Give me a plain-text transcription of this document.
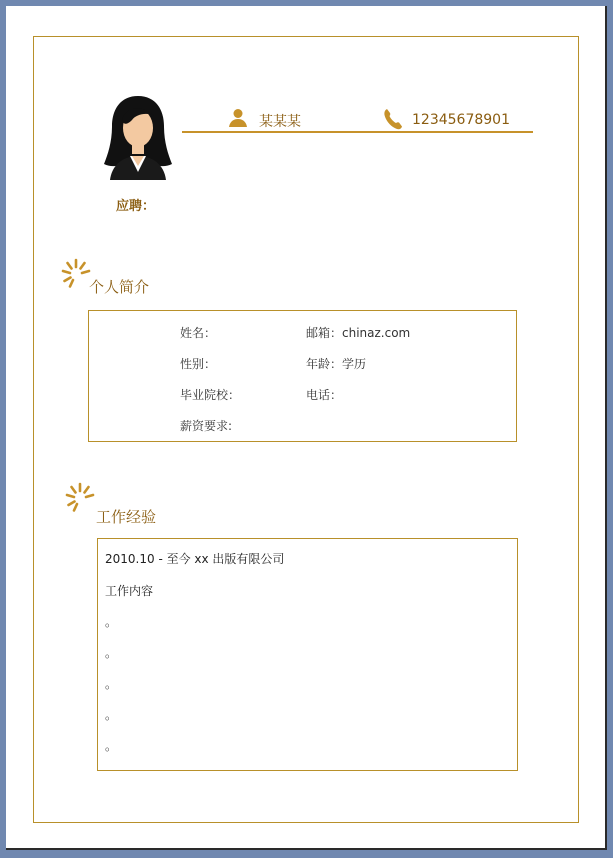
应聘：
某某某	12345678901
个人简介
姓名：	邮箱：chinaz.com
性别：	年龄：学历
毕业院校：	电话：
薪资要求:
工作经验
2010.10 - 至今 xx 出版有限公司
工作内容
。
。
。
。
。
